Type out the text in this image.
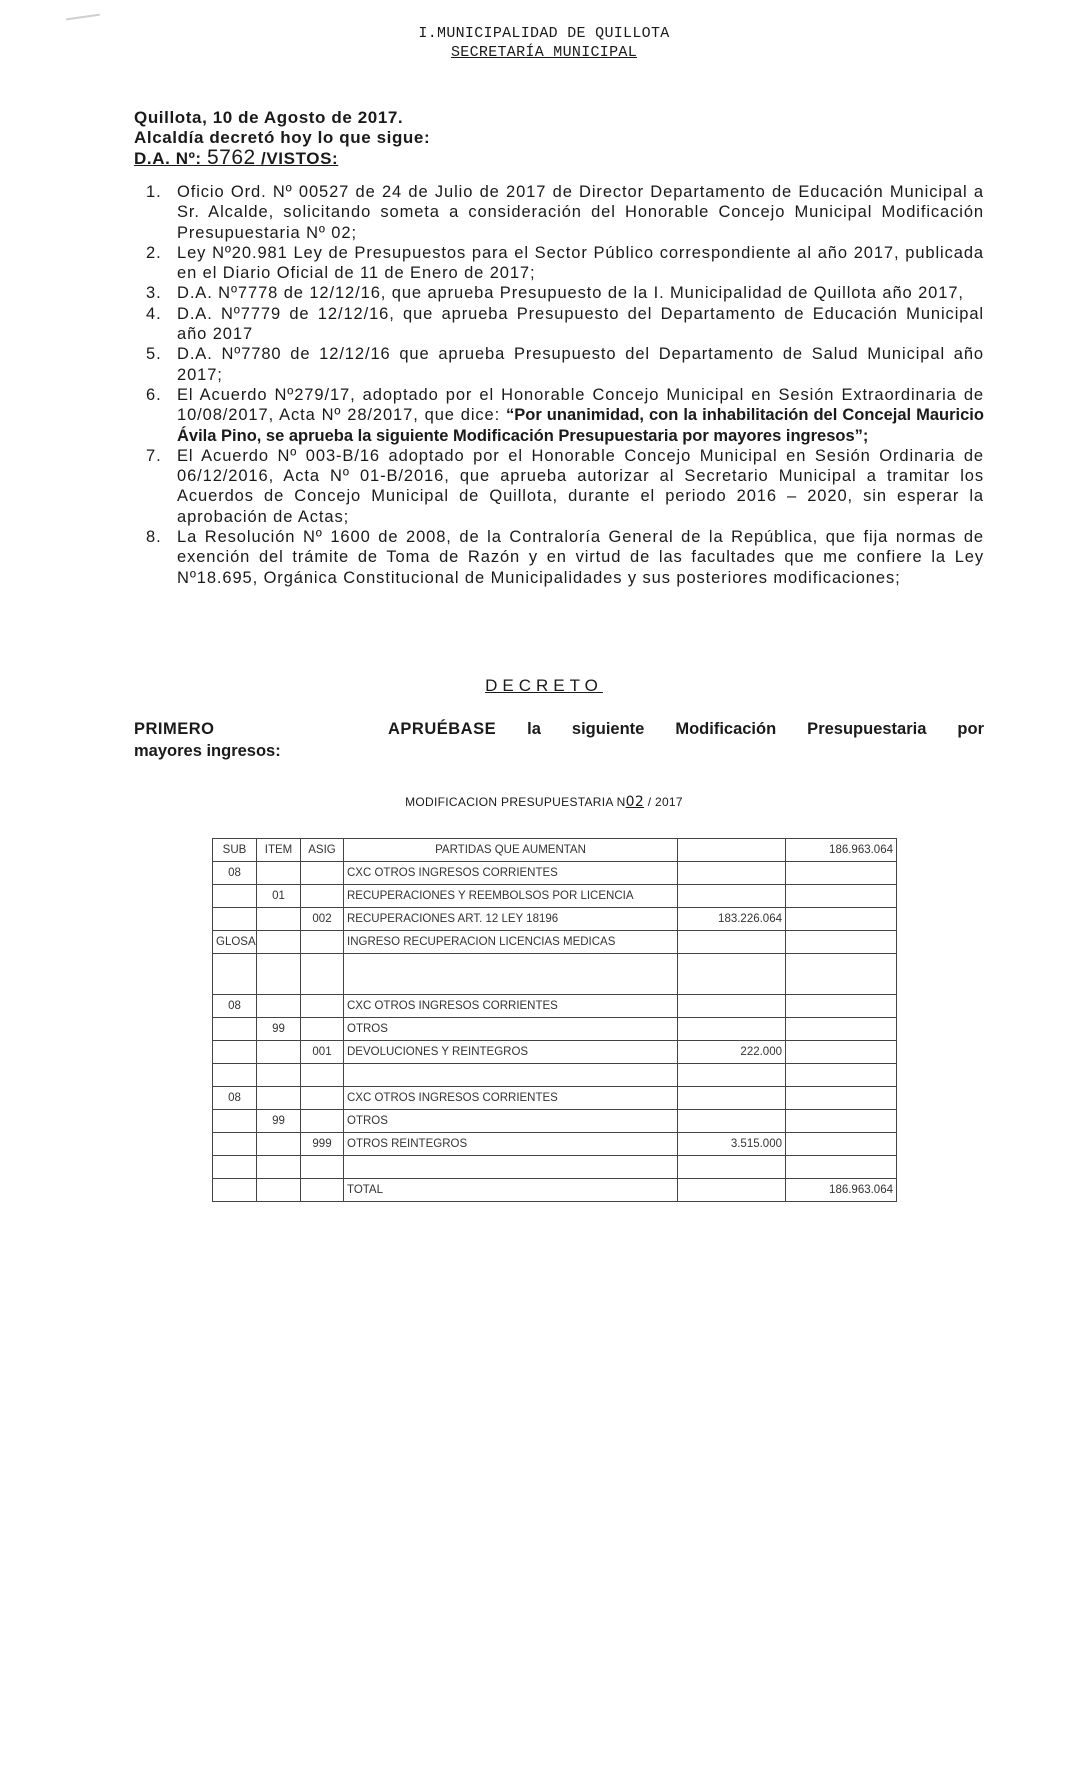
I.MUNICIPALIDAD DE QUILLOTA
SECRETARÍA MUNICIPAL
Quillota, 10 de Agosto de 2017.
Alcaldía decretó hoy lo que sigue:
D.A. Nº: 5762 /VISTOS:
1. Oficio Ord. Nº 00527 de 24 de Julio de 2017 de Director Departamento de Educación Municipal a Sr. Alcalde, solicitando someta a consideración del Honorable Concejo Municipal Modificación Presupuestaria Nº 02;
2. Ley Nº20.981 Ley de Presupuestos para el Sector Público correspondiente al año 2017, publicada en el Diario Oficial de 11 de Enero de 2017;
3. D.A. Nº7778 de 12/12/16, que aprueba Presupuesto de la I. Municipalidad de Quillota año 2017,
4. D.A. Nº7779 de 12/12/16, que aprueba Presupuesto del Departamento de Educación Municipal año 2017
5. D.A. Nº7780 de 12/12/16 que aprueba Presupuesto del Departamento de Salud Municipal año 2017;
6. El Acuerdo Nº279/17, adoptado por el Honorable Concejo Municipal en Sesión Extraordinaria de 10/08/2017, Acta Nº 28/2017, que dice: “Por unanimidad, con la inhabilitación del Concejal Mauricio Ávila Pino, se aprueba la siguiente Modificación Presupuestaria por mayores ingresos”;
7. El Acuerdo Nº 003-B/16 adoptado por el Honorable Concejo Municipal en Sesión Ordinaria de 06/12/2016, Acta Nº 01-B/2016, que aprueba autorizar al Secretario Municipal a tramitar los Acuerdos de Concejo Municipal de Quillota, durante el periodo 2016 – 2020, sin esperar la aprobación de Actas;
8. La Resolución Nº 1600 de 2008, de la Contraloría General de la República, que fija normas de exención del trámite de Toma de Razón y en virtud de las facultades que me confiere la Ley Nº18.695, Orgánica Constitucional de Municipalidades y sus posteriores modificaciones;
DECRETO
PRIMERO	APRUÉBASE la siguiente Modificación Presupuestaria por
mayores ingresos:
MODIFICACION PRESUPUESTARIA N02 / 2017
SUB	ITEM	ASIG	PARTIDAS QUE AUMENTAN		186.963.064
08			CXC OTROS INGRESOS CORRIENTES		
	01		RECUPERACIONES Y REEMBOLSOS POR LICENCIA		
		002	RECUPERACIONES ART. 12 LEY 18196	183.226.064	
GLOSA			INGRESO RECUPERACION LICENCIAS MEDICAS		

08			CXC OTROS INGRESOS CORRIENTES		
	99		OTROS		
		001	DEVOLUCIONES Y REINTEGROS	222.000	

08			CXC OTROS INGRESOS CORRIENTES		
	99		OTROS		
		999	OTROS REINTEGROS	3.515.000	

			TOTAL		186.963.064
